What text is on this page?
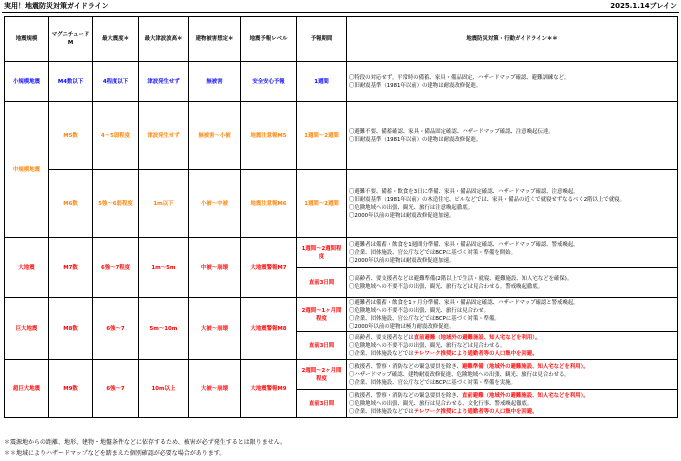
実用！地震防災対策ガイドライン	2025.1.14ブレイン
地震規模	マグニチュードM	最大震度＊	最大津波波高＊	建物被害想定＊	地震予報レベル	予報期間	地震防災対策・行動ガイドライン＊＊
小規模地震	M4数以下	4程度以下	津波発生せず	無被害	安全安心予報	1週間	〇特段の対応せず。平常時の備蓄、家具・備品固定、ハザードマップ確認、避難訓練など。
〇旧耐震基準（1981年以前）の建物は耐震改修促進。

中規模地震	M5数	4～5弱程度	津波発生せず	無被害～小被	地震注意報M5	1週間～2週間	〇避難不要、備蓄確認、家具・備品固定確認、ハザードマップ確認、注意喚起伝達。
〇旧耐震基準（1981年以前）の建物は耐震改修促進。

	M6数	5強～6弱程度	1m以下	小被～中被	地震注意報M6	1週間～2週間	〇避難不要、備蓄・飲食を3日に準備、家具・備品固定確認、ハザードマップ確認、注意喚起。
〇旧耐震基準（1981年以前）の木造住宅、ビルなどでは、家具・備品の近くで就寝せずなるべく2階以上で就寝。
〇危険地域への出張、観光、旅行は注意喚起徹底。
〇2000年以前の建物は耐震改修促進加速。

大地震	M7数	6強～7程度	1m～5m	中被～崩壊	大地震警報M7	1週間～2週間程度	〇避難者は備蓄・飲食を1週間分準備、家具・備品固定確認、ハザードマップ確認、警戒喚起。
〇企業、団体施設、官公庁などではBCPに基づく対策・準備を開始。
〇2000年以前の建物は耐震改修促進加速。

						直前3日間	〇高齢者、要支援者などは避難準備(2階以上で生活・就寝、避難施設、知人宅などを確保)。
〇危険地域への不要不急の出張、観光、旅行などは見合わせる。警戒喚起徹底。

巨大地震	M8数	6強～7	5m～10m	大被～崩壊	大地震警報M8	2週間～1ヶ月間程度	〇避難者は備蓄・飲食を1ヶ月分準備、家具・備品固定確認、ハザードマップ確認と警戒喚起。
〇危険地域への不要不急の出張、観光、旅行は見合わせ。
〇企業、団体施設、官公庁などではBCPに基づく対策・準備。
〇2000年以前の建物は極力耐震改修促進。

						直前3日間	〇高齢者、要支援者などは直前避難（地域外の避難施設、知人宅などを利用）。
〇危険地域への不要不急の出張、観光、旅行などは見合わせる。
〇企業、団体施設などではテレワーク推奨により通勤者等の人口集中を回避。

超巨大地震	M9数	6強～7	10m以上	大被～崩壊	大地震警報M9	2週間～2ヶ月間程度	〇救援者、警察・消防などの緊急要員を除き、避難準備（地域外の避難施設、知人宅などを利用）。
〇ハザードマップ確認、建物耐震改修促進、危険地域への出張、観光、旅行は見合わせる。
〇企業、団体施設、官公庁などではBCPに基づく対策・準備を実施。

						直前3日間	〇救援者、警察・消防などの緊急要員を除き、直前避難（地域外の避難施設、知人宅などを利用）。
〇危険地域への出張、観光、旅行は見合わせる、文化行事、警戒喚起徹底。
〇企業、団体施設などではテレワーク推奨により通勤者等の人口集中を回避。
＊震源地からの距離、地形、建物・地盤条件などに依存するため、被害が必ず発生するとは限りません。
＊＊地域によりハザードマップなどを踏まえた個別確認が必要な場合があります。
